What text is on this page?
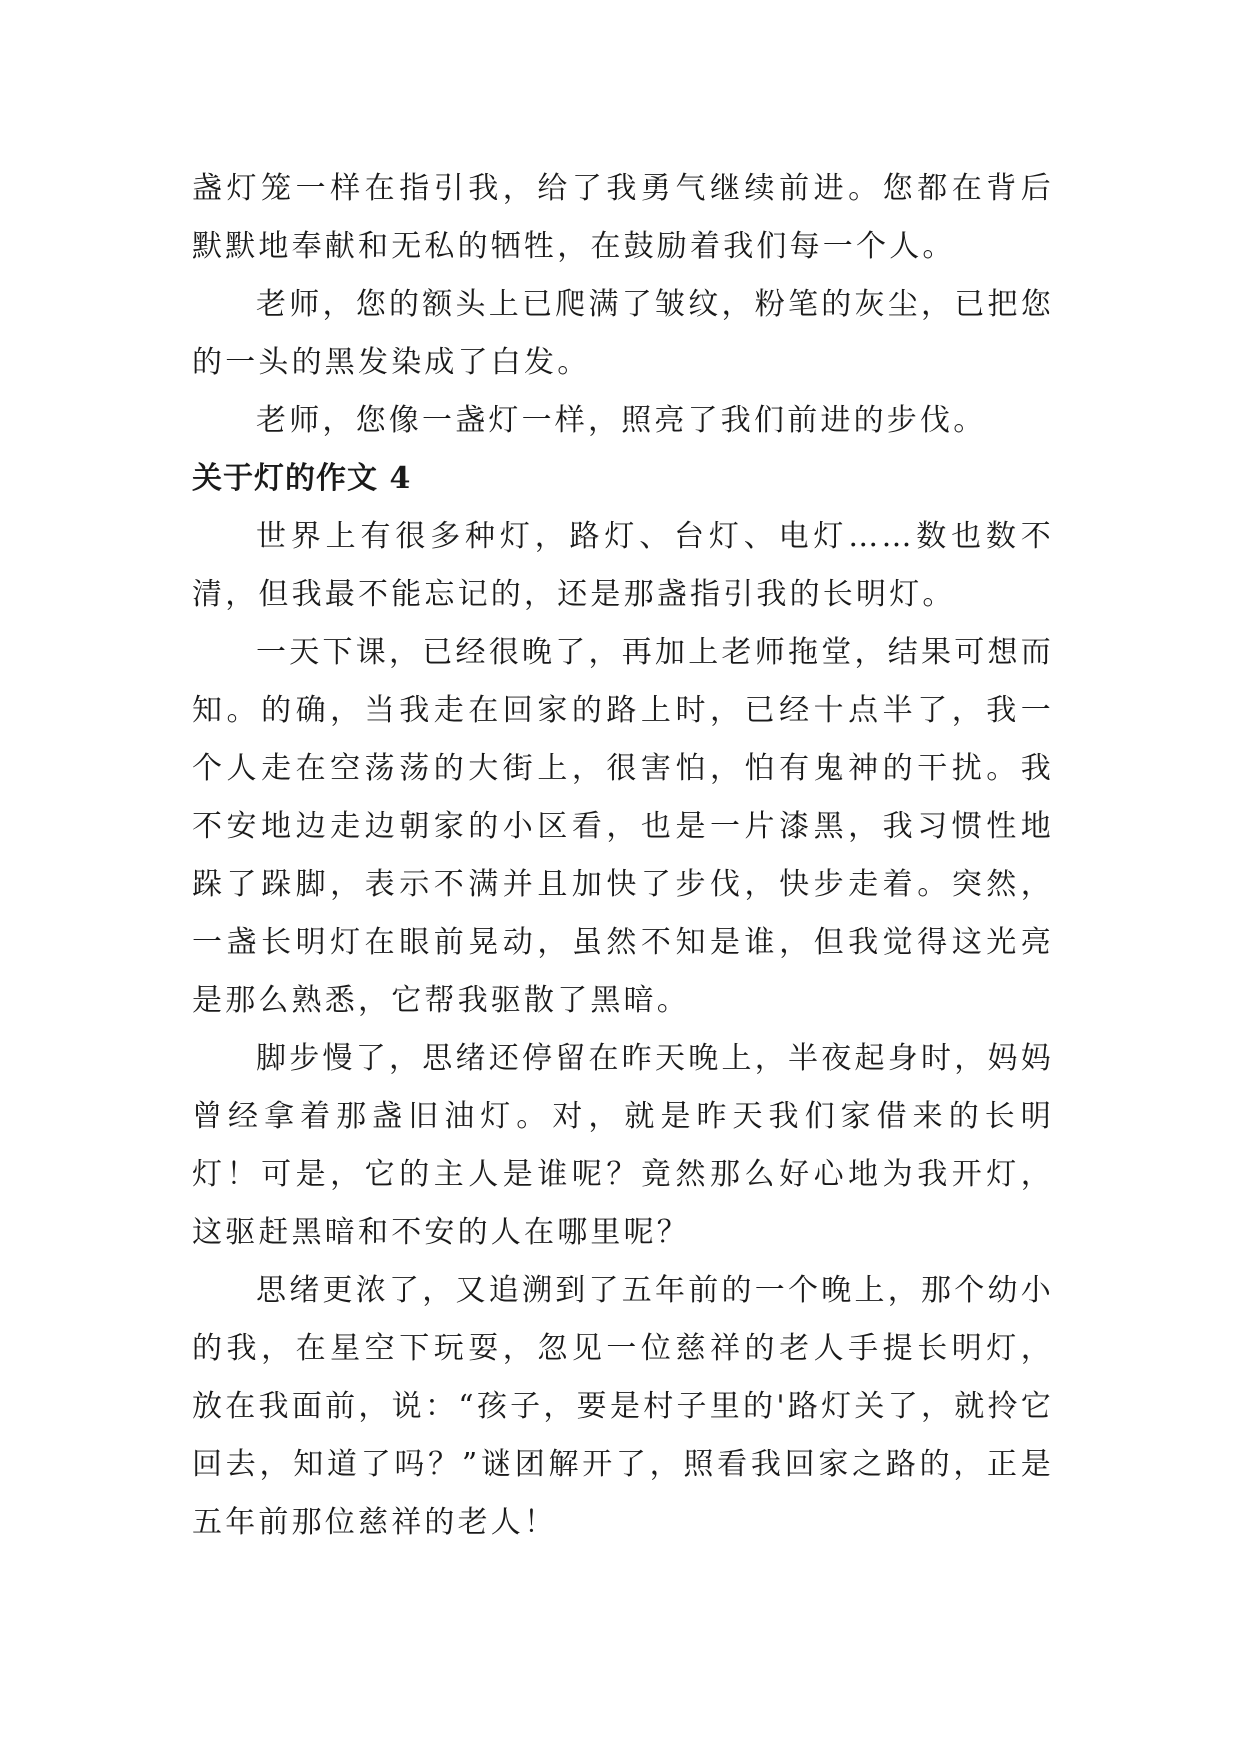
盏灯笼一样在指引我，给了我勇气继续前进。您都在背后默默地奉献和无私的牺牲，在鼓励着我们每一个人。

老师，您的额头上已爬满了皱纹，粉笔的灰尘，已把您的一头的黑发染成了白发。

老师，您像一盏灯一样，照亮了我们前进的步伐。

关于灯的作文 4

世界上有很多种灯，路灯、台灯、电灯……数也数不清，但我最不能忘记的，还是那盏指引我的长明灯。

一天下课，已经很晚了，再加上老师拖堂，结果可想而知。的确，当我走在回家的路上时，已经十点半了，我一个人走在空荡荡的大街上，很害怕，怕有鬼神的干扰。我不安地边走边朝家的小区看，也是一片漆黑，我习惯性地跺了跺脚，表示不满并且加快了步伐，快步走着。突然，一盏长明灯在眼前晃动，虽然不知是谁，但我觉得这光亮是那么熟悉，它帮我驱散了黑暗。

脚步慢了，思绪还停留在昨天晚上，半夜起身时，妈妈曾经拿着那盏旧油灯。对，就是昨天我们家借来的长明灯！可是，它的主人是谁呢？竟然那么好心地为我开灯，这驱赶黑暗和不安的人在哪里呢？

思绪更浓了，又追溯到了五年前的一个晚上，那个幼小的我，在星空下玩耍，忽见一位慈祥的老人手提长明灯，放在我面前，说：“孩子，要是村子里的'路灯关了，就拎它回去，知道了吗？”谜团解开了，照看我回家之路的，正是五年前那位慈祥的老人！
